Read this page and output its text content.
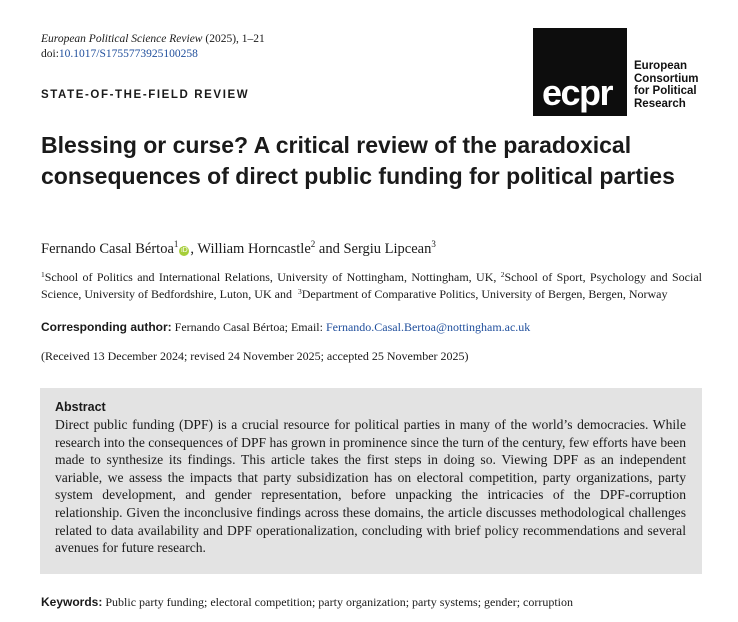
European Political Science Review (2025), 1–21
doi:10.1017/S1755773925100258
ecpr
European
Consortium
for Political
Research
STATE-OF-THE-FIELD REVIEW
Blessing or curse? A critical review of the paradoxical consequences of direct public funding for political parties
Fernando Casal Bértoa$^1$iD , William Horncastle$^2$ and Sergiu Lipcean$^3$
$^1$School of Politics and International Relations, University of Nottingham, Nottingham, UK, $^2$School of Sport, Psychology and Social Science, University of Bedfordshire, Luton, UK and $^3$Department of Comparative Politics, University of Bergen, Bergen, Norway
Corresponding author: Fernando Casal Bértoa; Email: Fernando.Casal.Bertoa@nottingham.ac.uk
(Received 13 December 2024; revised 24 November 2025; accepted 25 November 2025)
Abstract
Direct public funding (DPF) is a crucial resource for political parties in many of the world’s democracies. While research into the consequences of DPF has grown in prominence since the turn of the century, few efforts have been made to synthesize its findings. This article takes the first steps in doing so. Viewing DPF as an independent variable, we assess the impacts that party subsidization has on electoral competition, party organizations, party system development, and gender representation, before unpacking the intricacies of the DPF-corruption relationship. Given the inconclusive findings across these domains, the article discusses methodological challenges related to data availability and DPF operationalization, concluding with brief policy recommendations and several avenues for future research.
Keywords: Public party funding; electoral competition; party organization; party systems; gender; corruption
